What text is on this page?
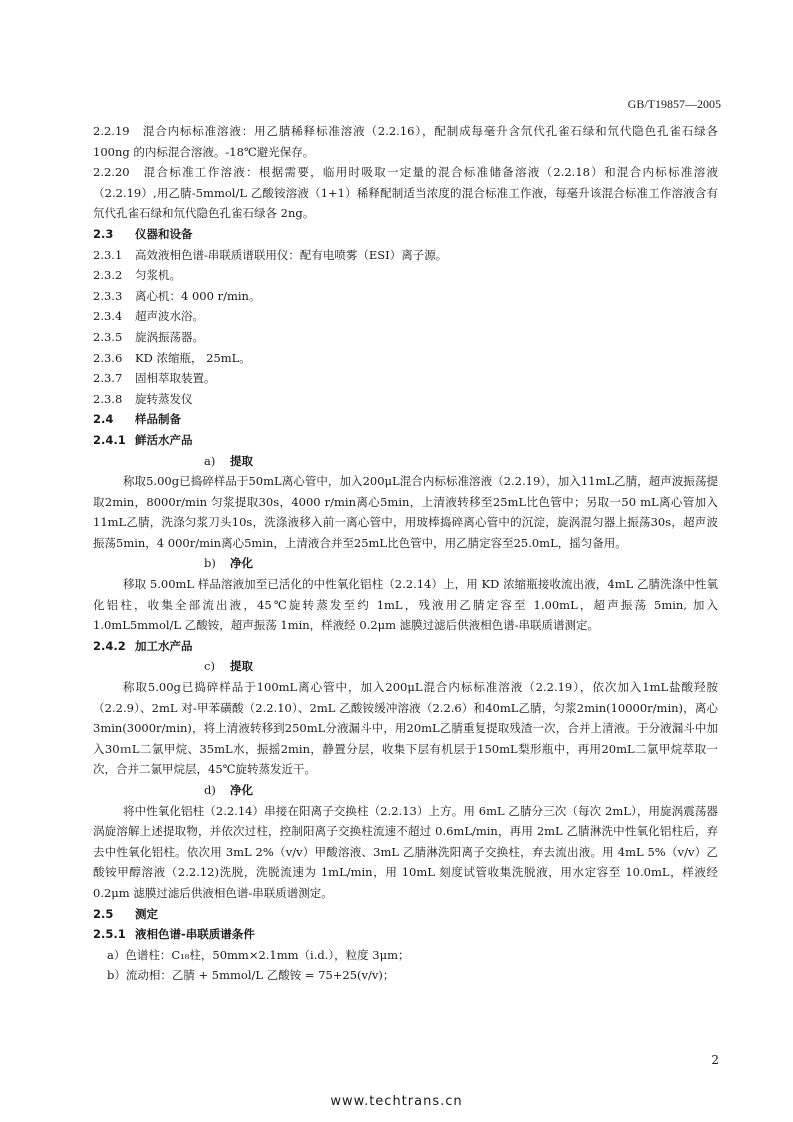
GB/T19857—2005

2.2.19　混合内标标准溶液：用乙腈稀释标准溶液（2.2.16），配制成每毫升含氘代孔雀石绿和氘代隐色孔雀石绿各 100ng 的内标混合溶液。-18℃避光保存。

2.2.20　混合标准工作溶液：根据需要，临用时吸取一定量的混合标准储备溶液（2.2.18）和混合内标标准溶液（2.2.19）,用乙腈-5mmol/L 乙酸铵溶液（1+1）稀释配制适当浓度的混合标准工作液，每毫升该混合标准工作溶液含有氘代孔雀石绿和氘代隐色孔雀石绿各 2ng。

2.3 仪器和设备

2.3.1 高效液相色谱-串联质谱联用仪：配有电喷雾（ESI）离子源。

2.3.2 匀浆机。

2.3.3 离心机：4 000 r/min。

2.3.4 超声波水浴。

2.3.5 旋涡振荡器。

2.3.6 KD 浓缩瓶， 25mL。

2.3.7 固相萃取装置。

2.3.8 旋转蒸发仪

2.4 样品制备

2.4.1 鲜活水产品

a) 提取

称取5.00g已捣碎样品于50mL离心管中，加入200μL混合内标标准溶液（2.2.19），加入11mL乙腈，超声波振荡提取2min，8000r/min 匀浆提取30s，4000 r/min离心5min，上清液转移至25mL比色管中；另取一50 mL离心管加入11mL乙腈，洗涤匀浆刀头10s，洗涤液移入前一离心管中，用玻棒捣碎离心管中的沉淀，旋涡混匀器上振荡30s，超声波振荡5min，4 000r/min离心5min，上清液合并至25mL比色管中，用乙腈定容至25.0mL，摇匀备用。

b) 净化

移取 5.00mL 样品溶液加至已活化的中性氧化铝柱（2.2.14）上，用 KD 浓缩瓶接收流出液，4mL 乙腈洗涤中性氧化铝柱，收集全部流出液，45℃旋转蒸发至约 1mL，残液用乙腈定容至 1.00mL，超声振荡 5min, 加入 1.0mL5mmol/L 乙酸铵，超声振荡 1min，样液经 0.2μm 滤膜过滤后供液相色谱-串联质谱测定。

2.4.2 加工水产品

c) 提取

称取5.00g已捣碎样品于100mL离心管中，加入200μL混合内标标准溶液（2.2.19），依次加入1mL盐酸羟胺（2.2.9）、2mL 对-甲苯磺酸（2.2.10）、2mL 乙酸铵缓冲溶液（2.2.6）和40mL乙腈，匀浆2min(10000r/min)，离心3min(3000r/min)，将上清液转移到250mL分液漏斗中，用20mL乙腈重复提取残渣一次，合并上清液。于分液漏斗中加入30ｍL二氯甲烷、35mL水，振摇2min，静置分层，收集下层有机层于150mL梨形瓶中，再用20mL二氯甲烷萃取一次，合并二氯甲烷层，45℃旋转蒸发近干。

d) 净化

将中性氧化铝柱（2.2.14）串接在阳离子交换柱（2.2.13）上方。用 6mL 乙腈分三次（每次 2mL），用旋涡震荡器涡旋溶解上述提取物，并依次过柱，控制阳离子交换柱流速不超过 0.6mL/min，再用 2mL 乙腈淋洗中性氧化铝柱后，弃去中性氧化铝柱。依次用 3mL 2%（v/v）甲酸溶液、3mL 乙腈淋洗阳离子交换柱，弃去流出液。用 4mL 5%（v/v）乙酸铵甲醇溶液（2.2.12)洗脱，洗脱流速为 1mL/min，用 10mL 刻度试管收集洗脱液，用水定容至 10.0mL，样液经 0.2μm 滤膜过滤后供液相色谱-串联质谱测定。

2.5 测定

2.5.1 液相色谱-串联质谱条件

a）色谱柱：C₁₈柱，50mm×2.1mm（i.d.），粒度 3μm；

b）流动相：乙腈 + 5mmol/L 乙酸铵 = 75+25(v/v)；

2
www.techtrans.cn
